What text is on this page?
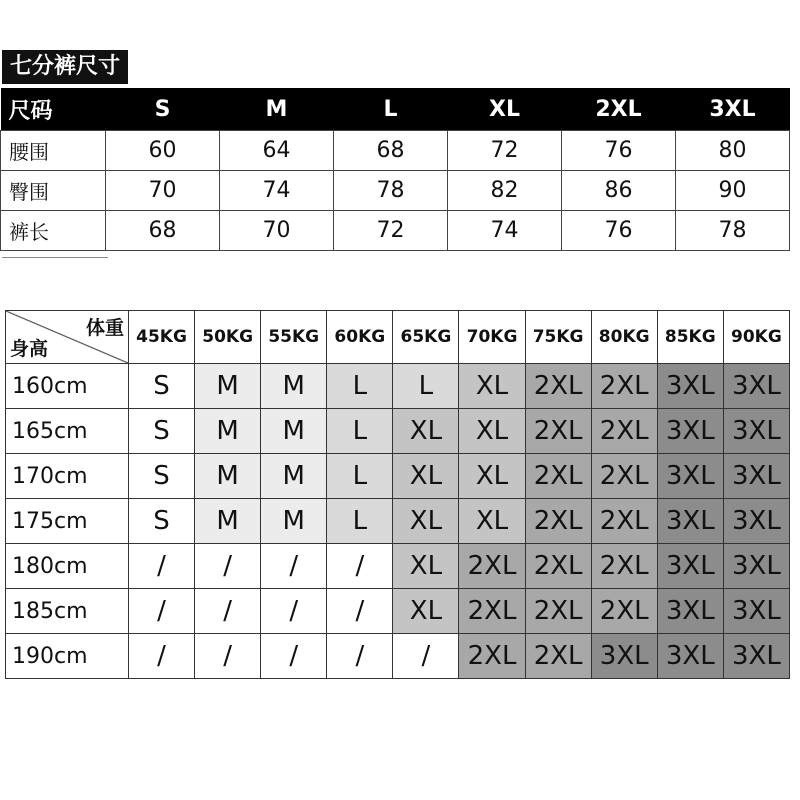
七分裤尺寸
尺码	S	M	L	XL	2XL	3XL
腰围	60	64	68	72	76	80
臀围	70	74	78	82	86	90
裤长	68	70	72	74	76	78
体重
身高	45KG	50KG	55KG	60KG	65KG	70KG	75KG	80KG	85KG	90KG
160cm	S	M	M	L	L	XL	2XL	2XL	3XL	3XL
165cm	S	M	M	L	XL	XL	2XL	2XL	3XL	3XL
170cm	S	M	M	L	XL	XL	2XL	2XL	3XL	3XL
175cm	S	M	M	L	XL	XL	2XL	2XL	3XL	3XL
180cm	/	/	/	/	XL	2XL	2XL	2XL	3XL	3XL
185cm	/	/	/	/	XL	2XL	2XL	2XL	3XL	3XL
190cm	/	/	/	/	/	2XL	2XL	3XL	3XL	3XL
